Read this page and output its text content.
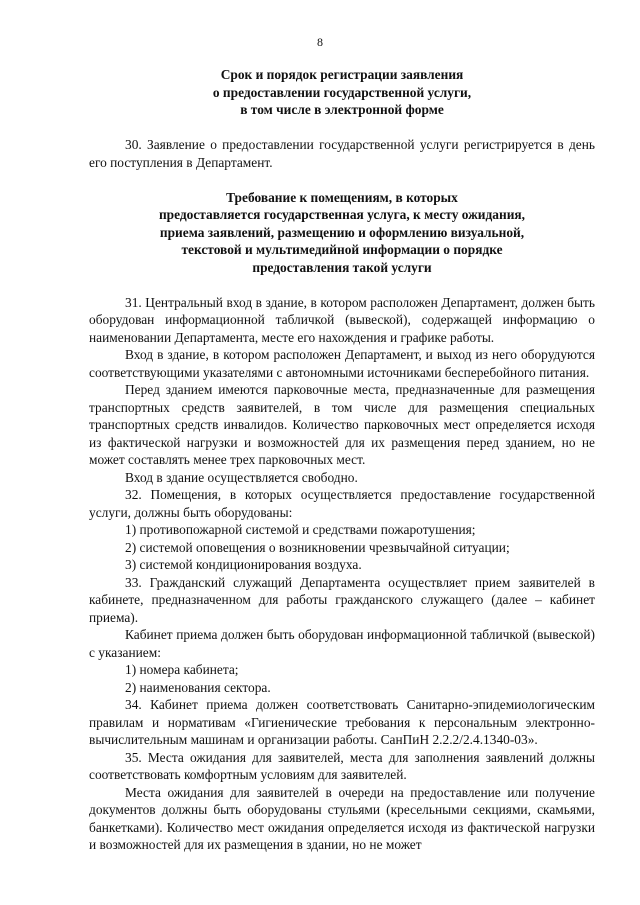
8
Срок и порядок регистрации заявления
о предоставлении государственной услуги,
в том числе в электронной форме

30. Заявление о предоставлении государственной услуги регистрируется в день его поступления в Департамент.

Требование к помещениям, в которых
предоставляется государственная услуга, к месту ожидания,
приема заявлений, размещению и оформлению визуальной,
текстовой и мультимедийной информации о порядке
предоставления такой услуги

31. Центральный вход в здание, в котором расположен Департамент, должен быть оборудован информационной табличкой (вывеской), содержащей информацию о наименовании Департамента, месте его нахождения и графике работы.

Вход в здание, в котором расположен Департамент, и выход из него оборудуются соответствующими указателями с автономными источниками бесперебойного питания.

Перед зданием имеются парковочные места, предназначенные для размещения транспортных средств заявителей, в том числе для размещения специальных транспортных средств инвалидов. Количество парковочных мест определяется исходя из фактической нагрузки и возможностей для их размещения перед зданием, но не может составлять менее трех парковочных мест.

Вход в здание осуществляется свободно.

32. Помещения, в которых осуществляется предоставление государственной услуги, должны быть оборудованы:

1) противопожарной системой и средствами пожаротушения;

2) системой оповещения о возникновении чрезвычайной ситуации;

3) системой кондиционирования воздуха.

33. Гражданский служащий Департамента осуществляет прием заявителей в кабинете, предназначенном для работы гражданского служащего (далее – кабинет приема).

Кабинет приема должен быть оборудован информационной табличкой (вывеской) с указанием:

1) номера кабинета;

2) наименования сектора.

34. Кабинет приема должен соответствовать Санитарно-эпидемиологическим правилам и нормативам «Гигиенические требования к персональным электронно-вычислительным машинам и организации работы. СанПиН 2.2.2/2.4.1340-03».

35. Места ожидания для заявителей, места для заполнения заявлений должны соответствовать комфортным условиям для заявителей.

Места ожидания для заявителей в очереди на предоставление или получение документов должны быть оборудованы стульями (кресельными секциями, скамьями, банкетками). Количество мест ожидания определяется исходя из фактической нагрузки и возможностей для их размещения в здании, но не может
